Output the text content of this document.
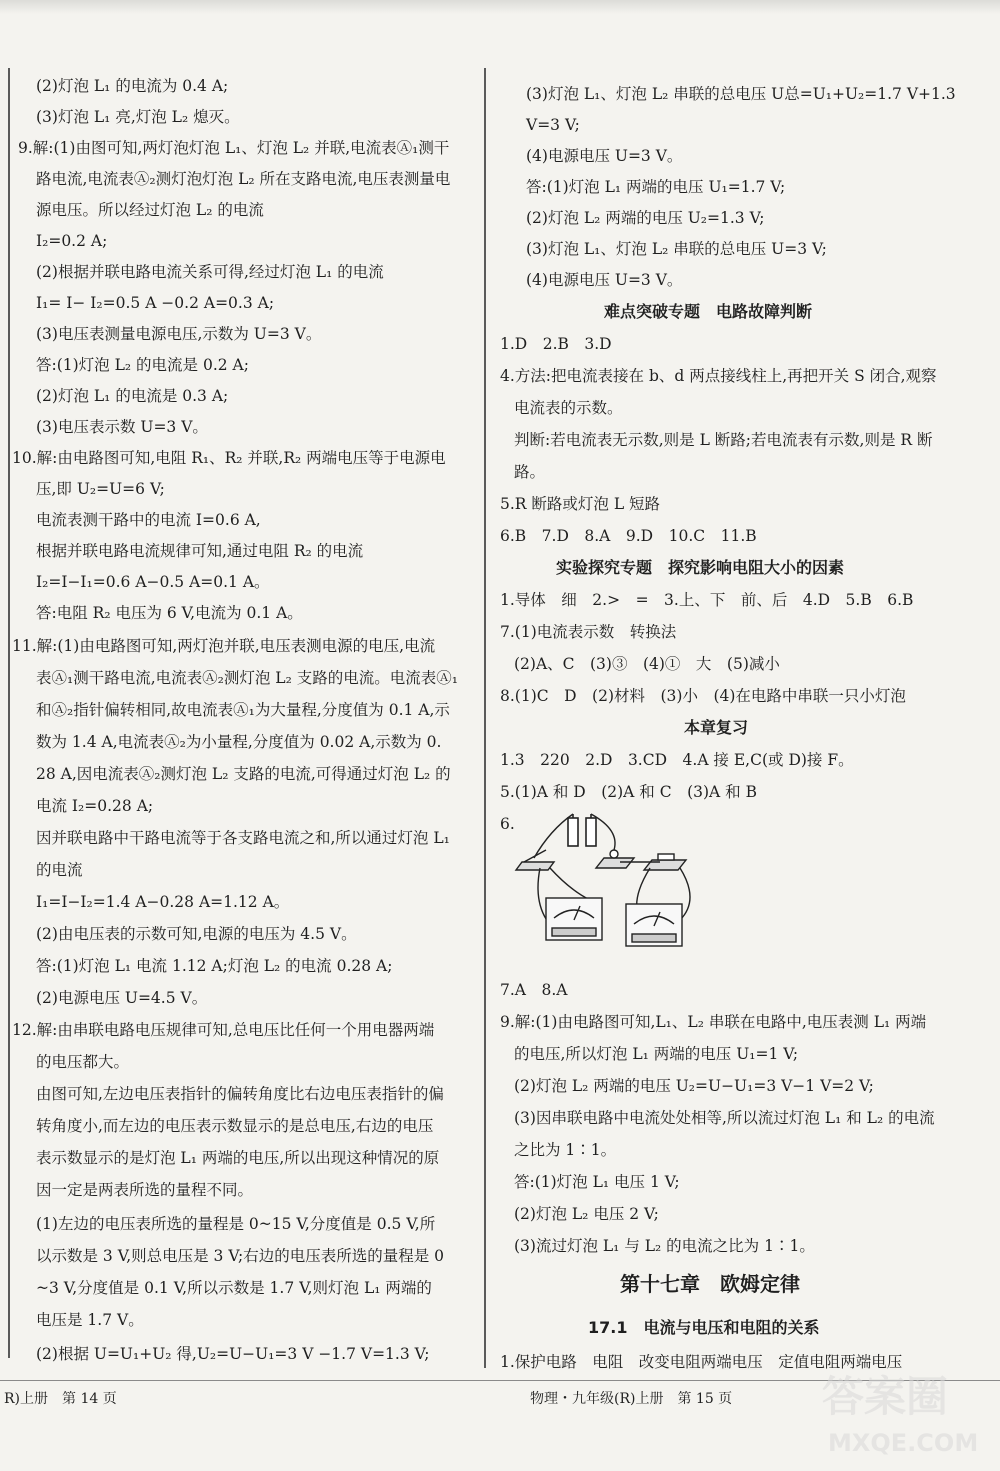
(2)灯泡 L₁ 的电流为 0.4 A;
(3)灯泡 L₁ 亮,灯泡 L₂ 熄灭。
9.解:(1)由图可知,两灯泡灯泡 L₁、灯泡 L₂ 并联,电流表Ⓐ₁测干
路电流,电流表Ⓐ₂测灯泡灯泡 L₂ 所在支路电流,电压表测量电
源电压。所以经过灯泡 L₂ 的电流
I₂=0.2 A;
(2)根据并联电路电流关系可得,经过灯泡 L₁ 的电流
I₁= I− I₂=0.5 A −0.2 A=0.3 A;
(3)电压表测量电源电压,示数为 U=3 V。
答:(1)灯泡 L₂ 的电流是 0.2 A;
(2)灯泡 L₁ 的电流是 0.3 A;
(3)电压表示数 U=3 V。
10.解:由电路图可知,电阻 R₁、R₂ 并联,R₂ 两端电压等于电源电
压,即 U₂=U=6 V;
电流表测干路中的电流 I=0.6 A,
根据并联电路电流规律可知,通过电阻 R₂ 的电流
I₂=I−I₁=0.6 A−0.5 A=0.1 A。
答:电阻 R₂ 电压为 6 V,电流为 0.1 A。
11.解:(1)由电路图可知,两灯泡并联,电压表测电源的电压,电流
表Ⓐ₁测干路电流,电流表Ⓐ₂测灯泡 L₂ 支路的电流。电流表Ⓐ₁
和Ⓐ₂指针偏转相同,故电流表Ⓐ₁为大量程,分度值为 0.1 A,示
数为 1.4 A,电流表Ⓐ₂为小量程,分度值为 0.02 A,示数为 0.
28 A,因电流表Ⓐ₂测灯泡 L₂ 支路的电流,可得通过灯泡 L₂ 的
电流 I₂=0.28 A;
因并联电路中干路电流等于各支路电流之和,所以通过灯泡 L₁
的电流
I₁=I−I₂=1.4 A−0.28 A=1.12 A。
(2)由电压表的示数可知,电源的电压为 4.5 V。
答:(1)灯泡 L₁ 电流 1.12 A;灯泡 L₂ 的电流 0.28 A;
(2)电源电压 U=4.5 V。
12.解:由串联电路电压规律可知,总电压比任何一个用电器两端
的电压都大。
由图可知,左边电压表指针的偏转角度比右边电压表指针的偏
转角度小,而左边的电压表示数显示的是总电压,右边的电压
表示数显示的是灯泡 L₁ 两端的电压,所以出现这种情况的原
因一定是两表所选的量程不同。
(1)左边的电压表所选的量程是 0~15 V,分度值是 0.5 V,所
以示数是 3 V,则总电压是 3 V;右边的电压表所选的量程是 0
~3 V,分度值是 0.1 V,所以示数是 1.7 V,则灯泡 L₁ 两端的
电压是 1.7 V。
(2)根据 U=U₁+U₂ 得,U₂=U−U₁=3 V −1.7 V=1.3 V;
(3)灯泡 L₁、灯泡 L₂ 串联的总电压 U总=U₁+U₂=1.7 V+1.3
V=3 V;
(4)电源电压 U=3 V。
答:(1)灯泡 L₁ 两端的电压 U₁=1.7 V;
(2)灯泡 L₂ 两端的电压 U₂=1.3 V;
(3)灯泡 L₁、灯泡 L₂ 串联的总电压 U=3 V;
(4)电源电压 U=3 V。
难点突破专题　电路故障判断
1.D　2.B　3.D
4.方法:把电流表接在 b、d 两点接线柱上,再把开关 S 闭合,观察
电流表的示数。
判断:若电流表无示数,则是 L 断路;若电流表有示数,则是 R 断
路。
5.R 断路或灯泡 L 短路
6.B　7.D　8.A　9.D　10.C　11.B
实验探究专题　探究影响电阻大小的因素
1.导体　细　2.>　=　3.上、下　前、后　4.D　5.B　6.B
7.(1)电流表示数　转换法
(2)A、C　(3)③　(4)①　大　(5)减小
8.(1)C　D　(2)材料　(3)小　(4)在电路中串联一只小灯泡
本章复习
1.3　220　2.D　3.CD　4.A 接 E,C(或 D)接 F。
5.(1)A 和 D　(2)A 和 C　(3)A 和 B
6.
7.A　8.A
9.解:(1)由电路图可知,L₁、L₂ 串联在电路中,电压表测 L₁ 两端
的电压,所以灯泡 L₁ 两端的电压 U₁=1 V;
(2)灯泡 L₂ 两端的电压 U₂=U−U₁=3 V−1 V=2 V;
(3)因串联电路中电流处处相等,所以流过灯泡 L₁ 和 L₂ 的电流
之比为 1∶1。
答:(1)灯泡 L₁ 电压 1 V;
(2)灯泡 L₂ 电压 2 V;
(3)流过灯泡 L₁ 与 L₂ 的电流之比为 1∶1。
第十七章　欧姆定律
17.1　电流与电压和电阻的关系
1.保护电路　电阻　改变电阻两端电压　定值电阻两端电压
R)上册　第 14 页	物理・九年级(R)上册　第 15 页 答案圈
MXQE.COM
